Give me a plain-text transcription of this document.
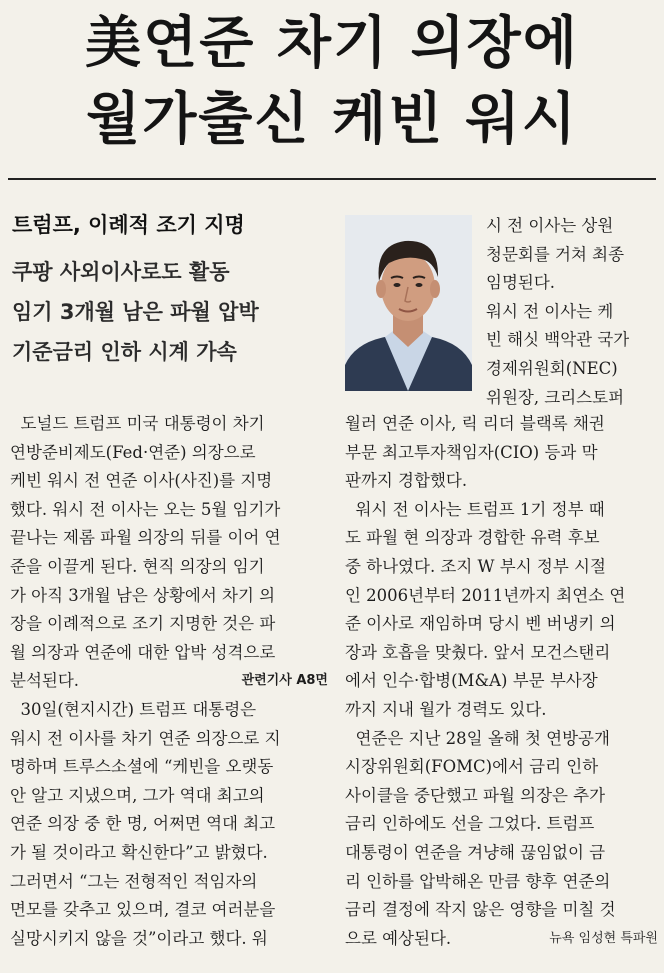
美연준 차기 의장에
월가출신 케빈 워시
트럼프, 이례적 조기 지명
쿠팡 사외이사로도 활동
임기 3개월 남은 파월 압박
기준금리 인하 시계 가속
시 전 이사는 상원
청문회를 거쳐 최종
임명된다.
워시 전 이사는 케
빈 해싯 백악관 국가
경제위원회(NEC)
위원장, 크리스토퍼
도널드 트럼프 미국 대통령이 차기
연방준비제도(Fed·연준) 의장으로
케빈 워시 전 연준 이사(사진)를 지명
했다. 워시 전 이사는 오는 5월 임기가
끝나는 제롬 파월 의장의 뒤를 이어 연
준을 이끌게 된다. 현직 의장의 임기
가 아직 3개월 남은 상황에서 차기 의
장을 이례적으로 조기 지명한 것은 파
월 의장과 연준에 대한 압박 성격으로
분석된다.	관련기사 A8면
30일(현지시간) 트럼프 대통령은
워시 전 이사를 차기 연준 의장으로 지
명하며 트루스소셜에 “케빈을 오랫동
안 알고 지냈으며, 그가 역대 최고의
연준 의장 중 한 명, 어쩌면 역대 최고
가 될 것이라고 확신한다”고 밝혔다.
그러면서 “그는 전형적인 적임자의
면모를 갖추고 있으며, 결코 여러분을
실망시키지 않을 것”이라고 했다. 워
월러 연준 이사, 릭 리더 블랙록 채권
부문 최고투자책임자(CIO) 등과 막
판까지 경합했다.
워시 전 이사는 트럼프 1기 정부 때
도 파월 현 의장과 경합한 유력 후보
중 하나였다. 조지 W 부시 정부 시절
인 2006년부터 2011년까지 최연소 연
준 이사로 재임하며 당시 벤 버냉키 의
장과 호흡을 맞췄다. 앞서 모건스탠리
에서 인수·합병(M&A) 부문 부사장
까지 지내 월가 경력도 있다.
연준은 지난 28일 올해 첫 연방공개
시장위원회(FOMC)에서 금리 인하
사이클을 중단했고 파월 의장은 추가
금리 인하에도 선을 그었다. 트럼프
대통령이 연준을 겨냥해 끊임없이 금
리 인하를 압박해온 만큼 향후 연준의
금리 결정에 작지 않은 영향을 미칠 것
으로 예상된다.	뉴욕 임성현 특파원
